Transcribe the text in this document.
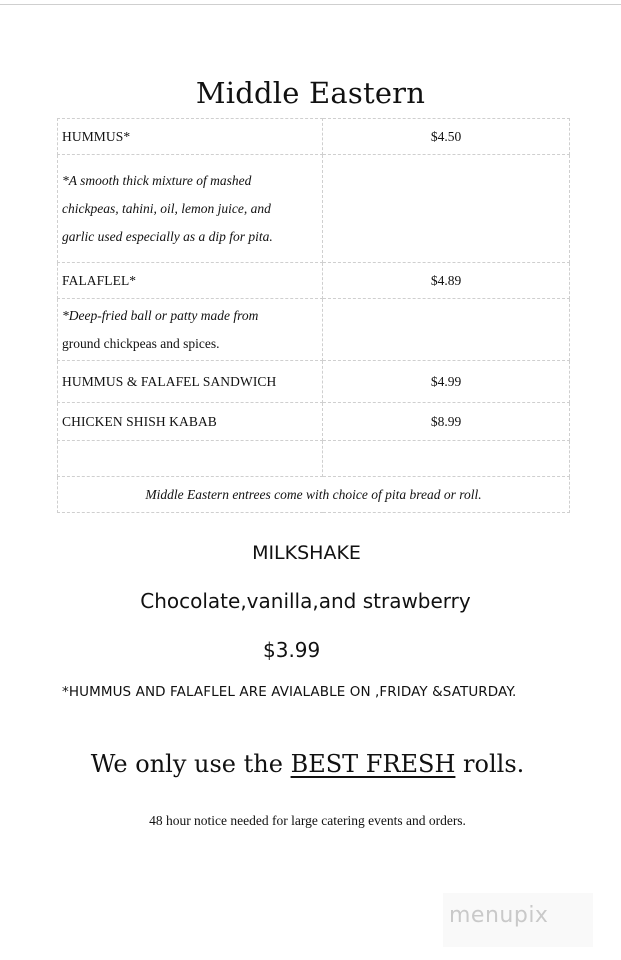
Middle Eastern
HUMMUS*	$4.50

*A smooth thick mixture of mashed
chickpeas, tahini, oil, lemon juice, and
garlic used especially as a dip for pita.	

FALAFLEL*	$4.89

*Deep-fried ball or patty made from
ground chickpeas and spices.	

HUMMUS & FALAFEL SANDWICH	$4.99
CHICKEN SHISH KABAB	$8.99

Middle Eastern entrees come with choice of pita bread or roll.	
MILKSHAKE
Chocolate,vanilla,and strawberry
$3.99
*HUMMUS AND FALAFLEL ARE AVIALABLE ON ,FRIDAY &SATURDAY.
We only use the BEST FRESH rolls.
48 hour notice needed for large catering events and orders.
menupix
